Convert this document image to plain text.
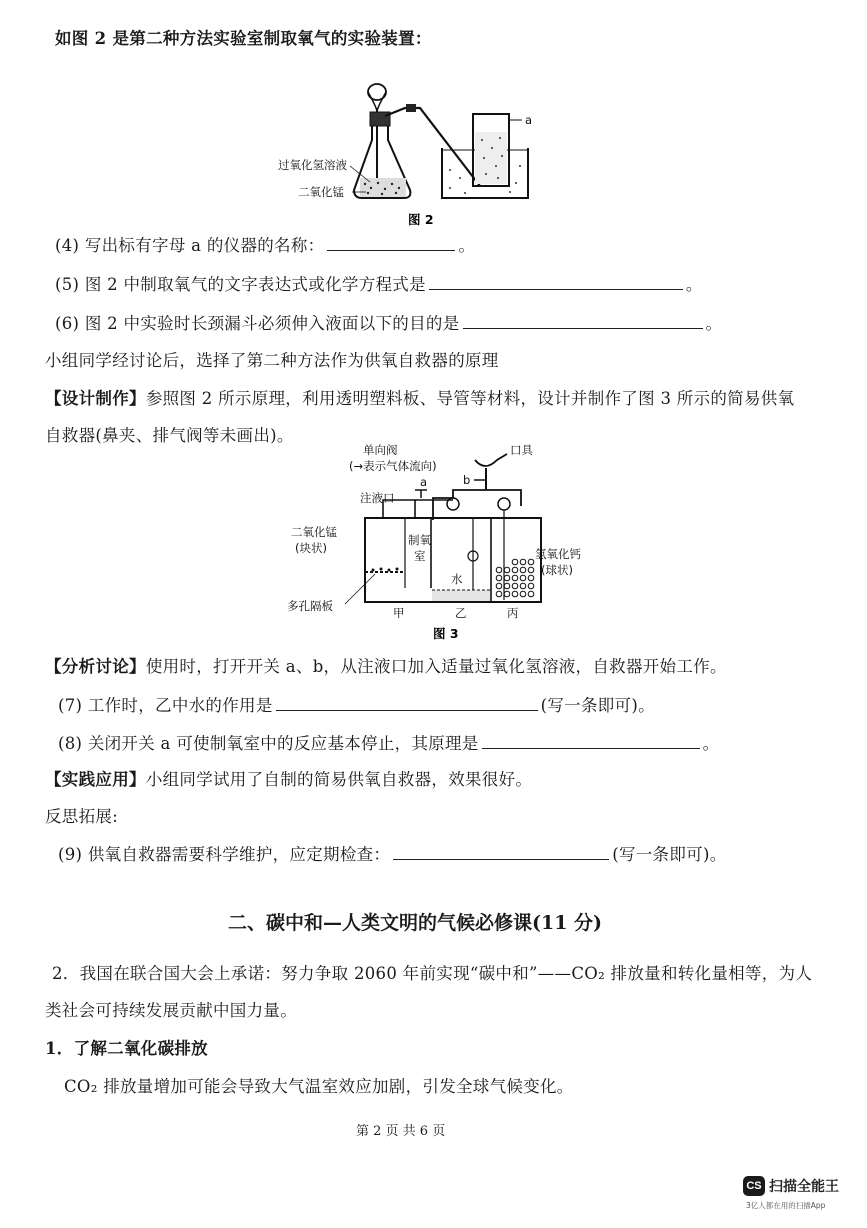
如图 2 是第二种方法实验室制取氧气的实验装置：
a
过氧化氢溶液
二氧化锰
图 2
(4) 写出标有字母 a 的仪器的名称：	。
(5) 图 2 中制取氧气的文字表达式或化学方程式是	。
(6) 图 2 中实验时长颈漏斗必须伸入液面以下的目的是	。
小组同学经讨论后，选择了第二种方法作为供氧自救器的原理
【设计制作】参照图 2 所示原理，利用透明塑料板、导管等材料，设计并制作了图 3 所示的简易供氧
自救器(鼻夹、排气阀等未画出)。
单向阀
(→表示气体流向)
口具
b
a
注液口
水
制氧
室
二氧化锰
(块状)	氢氧化钙
(球状)
多孔隔板	甲	乙	丙
图 3
【分析讨论】使用时，打开开关 a、b，从注液口加入适量过氧化氢溶液，自救器开始工作。
(7) 工作时，乙中水的作用是	(写一条即可)。
(8) 关闭开关 a 可使制氧室中的反应基本停止，其原理是	。
【实践应用】小组同学试用了自制的简易供氧自救器，效果很好。
反思拓展:
(9) 供氧自救器需要科学维护，应定期检查：	(写一条即可)。
二、碳中和—人类文明的气候必修课(11 分)
2．我国在联合国大会上承诺：努力争取 2060 年前实现“碳中和”——CO₂ 排放量和转化量相等，为人
类社会可持续发展贡献中国力量。
1．了解二氧化碳排放
CO₂ 排放量增加可能会导致大气温室效应加剧，引发全球气候变化。
第 2 页 共 6 页
CS 扫描全能王
3亿人都在用的扫描App
